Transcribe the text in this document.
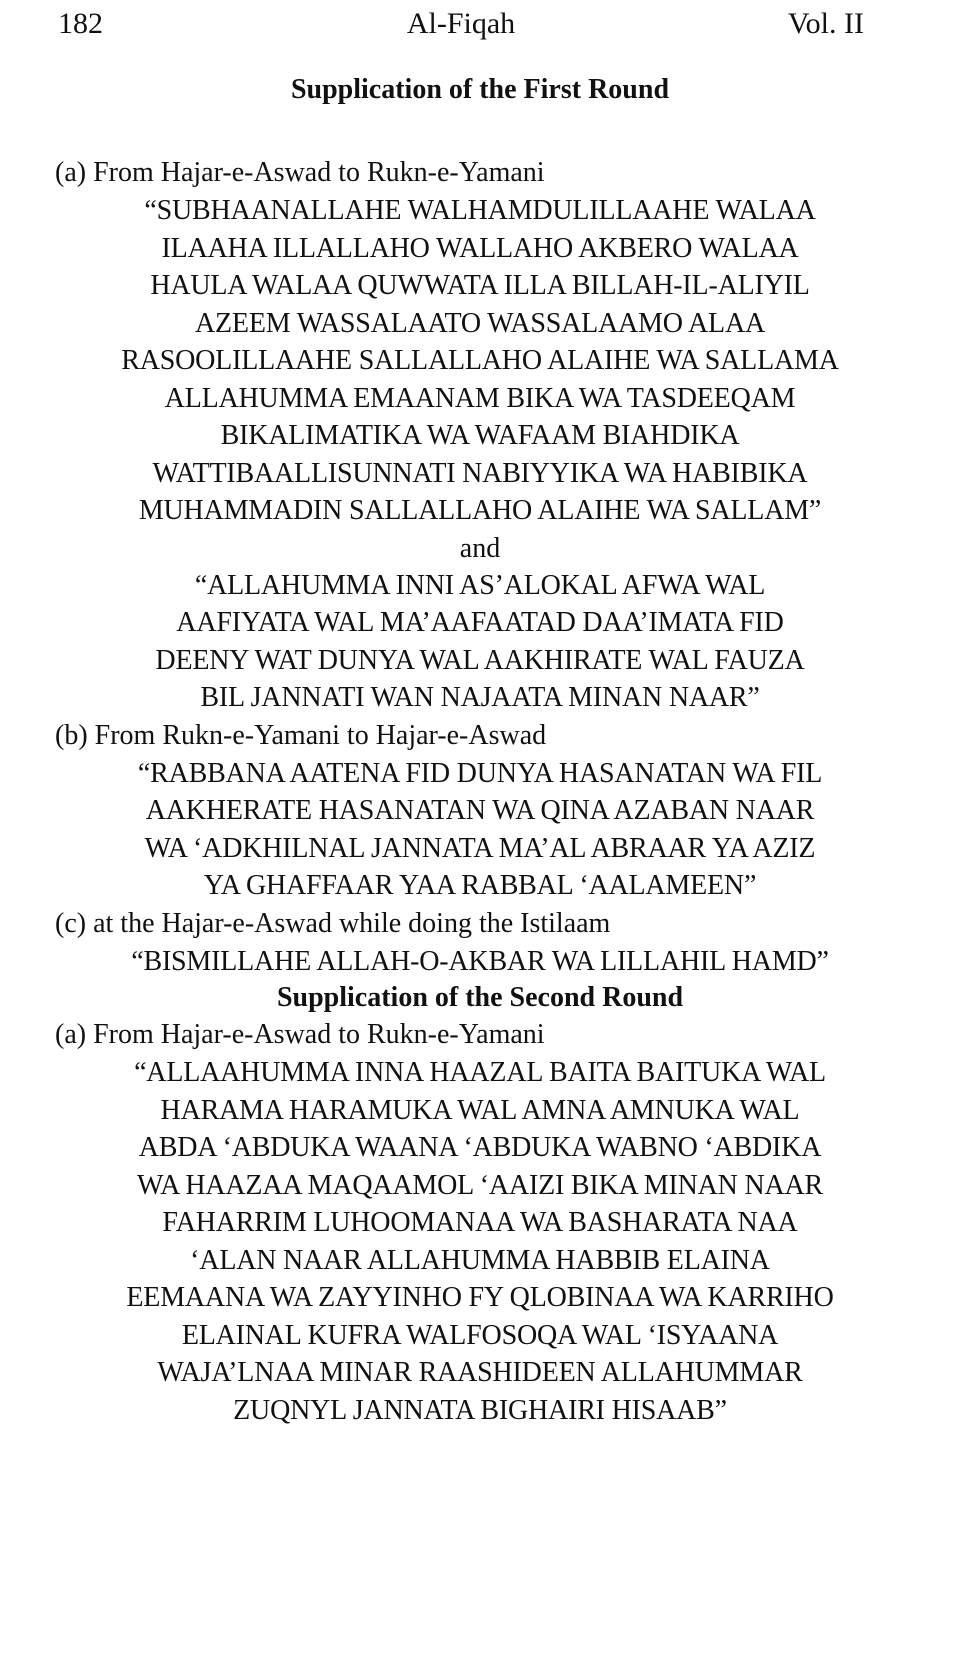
182	Al-Fiqah	Vol. II

Supplication of the First Round

(a) From Hajar-e-Aswad to Rukn-e-Yamani

“SUBHAANALLAHE WALHAMDULILLAAHE WALAA
ILAAHA ILLALLAHO WALLAHO AKBERO WALAA
HAULA WALAA QUWWATA ILLA BILLAH-IL-ALIYIL
AZEEM WASSALAATO WASSALAAMO ALAA
RASOOLILLAAHE SALLALLAHO ALAIHE WA SALLAMA
ALLAHUMMA EMAANAM BIKA WA TASDEEQAM
BIKALIMATIKA WA WAFAAM BIAHDIKA
WATTIBAALLISUNNATI NABIYYIKA WA HABIBIKA
MUHAMMADIN SALLALLAHO ALAIHE WA SALLAM”

and

“ALLAHUMMA INNI AS’ALOKAL AFWA WAL
AAFIYATA WAL MA’AAFAATAD DAA’IMATA FID
DEENY WAT DUNYA WAL AAKHIRATE WAL FAUZA
BIL JANNATI WAN NAJAATA MINAN NAAR”

(b) From Rukn-e-Yamani to Hajar-e-Aswad

“RABBANA AATENA FID DUNYA HASANATAN WA FIL
AAKHERATE HASANATAN WA QINA AZABAN NAAR
WA ‘ADKHILNAL JANNATA MA’AL ABRAAR YA AZIZ
YA GHAFFAAR YAA RABBAL ‘AALAMEEN”

(c) at the Hajar-e-Aswad while doing the Istilaam

“BISMILLAHE ALLAH-O-AKBAR WA LILLAHIL HAMD”

Supplication of the Second Round

(a) From Hajar-e-Aswad to Rukn-e-Yamani

“ALLAAHUMMA INNA HAAZAL BAITA BAITUKA WAL
HARAMA HARAMUKA WAL AMNA AMNUKA WAL
ABDA ‘ABDUKA WAANA ‘ABDUKA WABNO ‘ABDIKA
WA HAAZAA MAQAAMOL ‘AAIZI BIKA MINAN NAAR
FAHARRIM LUHOOMANAA WA BASHARATA NAA
‘ALAN NAAR ALLAHUMMA HABBIB ELAINA
EEMAANA WA ZAYYINHO FY QLOBINAA WA KARRIHO
ELAINAL KUFRA WALFOSOQA WAL ‘ISYAANA
WAJA’LNAA MINAR RAASHIDEEN ALLAHUMMAR
ZUQNYL JANNATA BIGHAIRI HISAAB”
